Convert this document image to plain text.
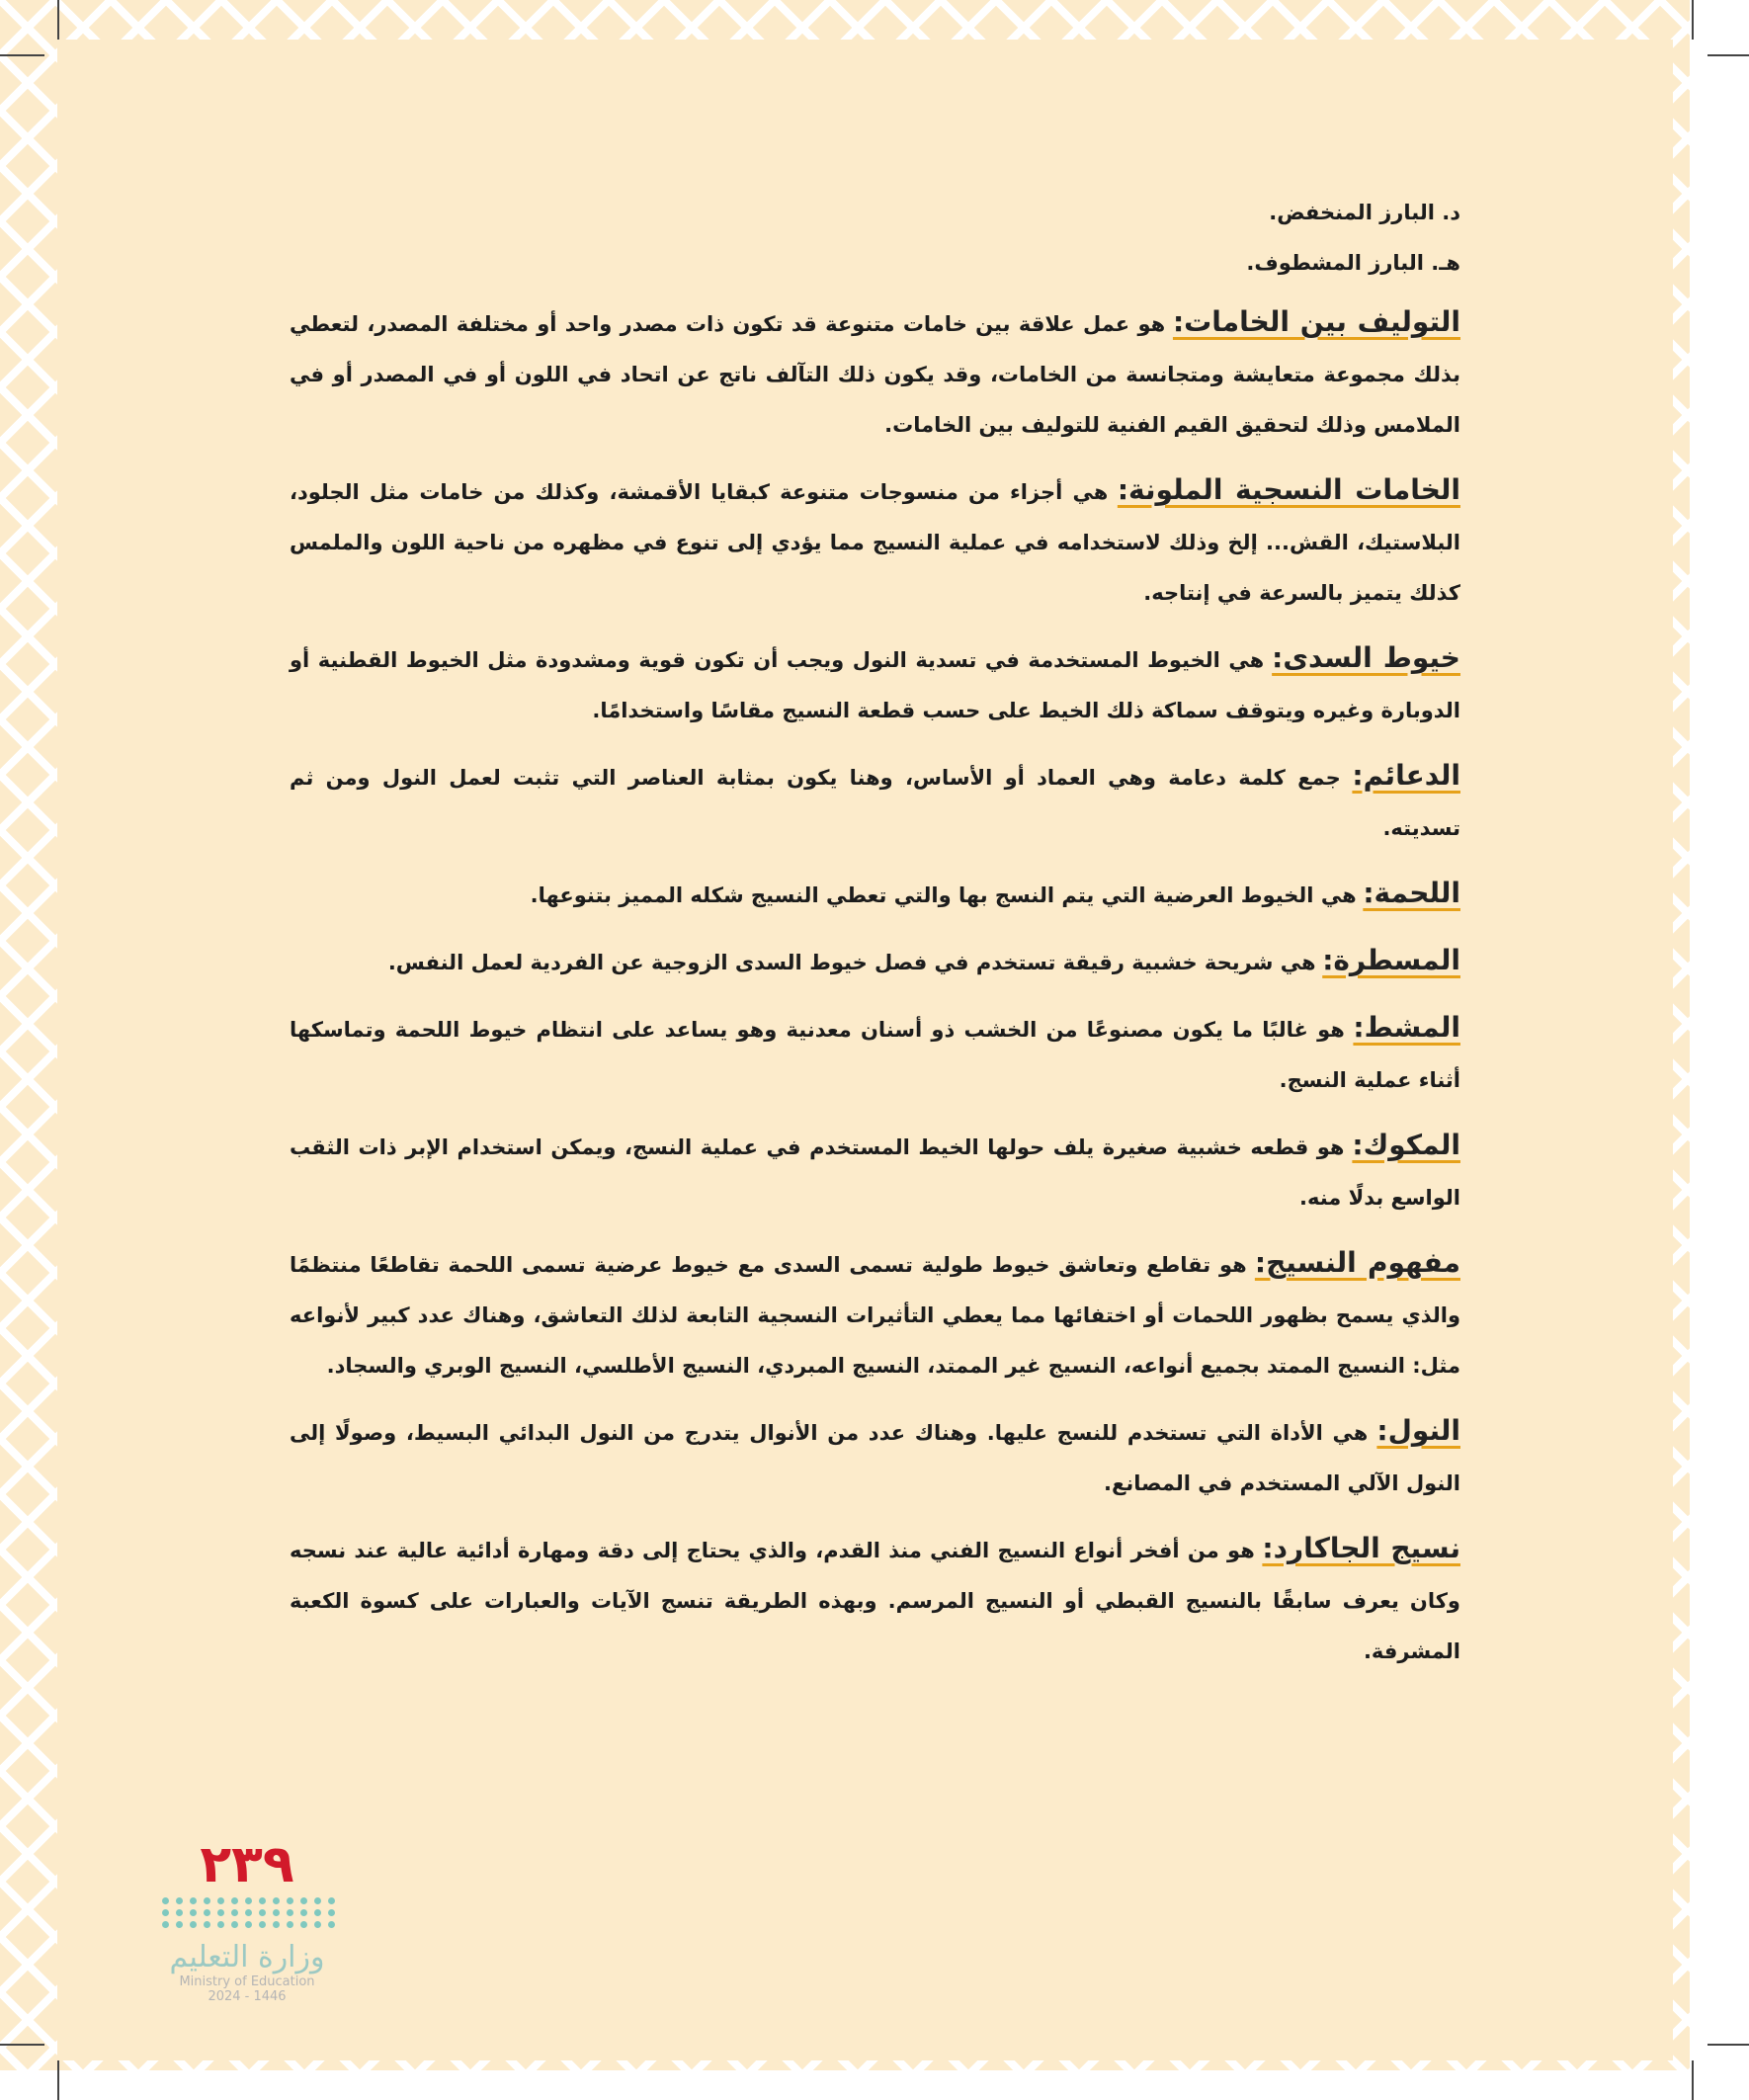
د. البارز المنخفض.

هـ. البارز المشطوف.

التوليف بين الخامات: هو عمل علاقة بين خامات متنوعة قد تكون ذات مصدر واحد أو مختلفة المصدر، لتعطي بذلك مجموعة متعايشة ومتجانسة من الخامات، وقد يكون ذلك التآلف ناتج عن اتحاد في اللون أو في المصدر أو في الملامس وذلك لتحقيق القيم الفنية للتوليف بين الخامات.

الخامات النسجية الملونة: هي أجزاء من منسوجات متنوعة كبقايا الأقمشة، وكذلك من خامات مثل الجلود، البلاستيك، القش... إلخ وذلك لاستخدامه في عملية النسيج مما يؤدي إلى تنوع في مظهره من ناحية اللون والملمس كذلك يتميز بالسرعة في إنتاجه.

خيوط السدى: هي الخيوط المستخدمة في تسدية النول ويجب أن تكون قوية ومشدودة مثل الخيوط القطنية أو الدوبارة وغيره ويتوقف سماكة ذلك الخيط على حسب قطعة النسيج مقاسًا واستخدامًا.

الدعائم: جمع كلمة دعامة وهي العماد أو الأساس، وهنا يكون بمثابة العناصر التي تثبت لعمل النول ومن ثم تسديته.

اللحمة: هي الخيوط العرضية التي يتم النسج بها والتي تعطي النسيج شكله المميز بتنوعها.

المسطرة: هي شريحة خشبية رقيقة تستخدم في فصل خيوط السدى الزوجية عن الفردية لعمل النفس.

المشط: هو غالبًا ما يكون مصنوعًا من الخشب ذو أسنان معدنية وهو يساعد على انتظام خيوط اللحمة وتماسكها أثناء عملية النسج.

المكوك: هو قطعه خشبية صغيرة يلف حولها الخيط المستخدم في عملية النسج، ويمكن استخدام الإبر ذات الثقب الواسع بدلًا منه.

مفهوم النسيج: هو تقاطع وتعاشق خيوط طولية تسمى السدى مع خيوط عرضية تسمى اللحمة تقاطعًا منتظمًا والذي يسمح بظهور اللحمات أو اختفائها مما يعطي التأثيرات النسجية التابعة لذلك التعاشق، وهناك عدد كبير لأنواعه مثل: النسيج الممتد بجميع أنواعه، النسيج غير الممتد، النسيج المبردي، النسيج الأطلسي، النسيج الوبري والسجاد.

النول: هي الأداة التي تستخدم للنسج عليها. وهناك عدد من الأنوال يتدرج من النول البدائي البسيط، وصولًا إلى النول الآلي المستخدم في المصانع.

نسيج الجاكارد: هو من أفخر أنواع النسيج الفني منذ القدم، والذي يحتاج إلى دقة ومهارة أدائية عالية عند نسجه وكان يعرف سابقًا بالنسيج القبطي أو النسيج المرسم. وبهذه الطريقة تنسج الآيات والعبارات على كسوة الكعبة المشرفة.

٢٣٩
وزارة التعليم
Ministry of Education
2024 - 1446
